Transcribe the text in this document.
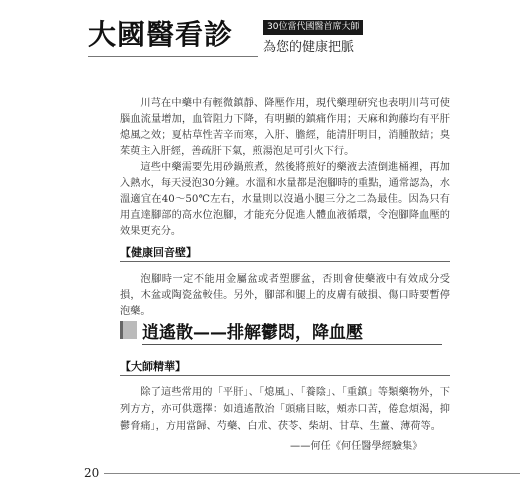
大國醫看診	30位當代國醫首席大師
為您的健康把脈

川芎在中藥中有輕微鎮靜、降壓作用，現代藥理研究也表明川芎可使腦血流量增加，血管阻力下降，有明顯的鎮痛作用；天麻和鉤藤均有平肝熄風之效；夏枯草性苦辛而寒，入肝、膽經，能清肝明目，消腫散結；臭茱萸主入肝經，善疏肝下氣，煎湯泡足可引火下行。

這些中藥需要先用砂鍋煎煮，然後將煎好的藥液去渣倒進桶裡，再加入熱水，每天浸泡30分鐘。水溫和水量都是泡腳時的重點，通常認為，水溫適宜在40～50℃左右，水量則以沒過小腿三分之二為最佳。因為只有用直達腳部的高水位泡腳，才能充分促進人體血液循環，令泡腳降血壓的效果更充分。

【健康回音壁】

泡腳時一定不能用金屬盆或者塑膠盆，否則會使藥液中有效成分受損，木盆或陶瓷盆較佳。另外，腳部和腿上的皮膚有破損、傷口時要暫停泡藥。

逍遙散——排解鬱悶，降血壓
【大師精華】

除了這些常用的「平肝」、「熄風」、「養陰」、「重鎮」等類藥物外，下列方方，亦可供選擇：如逍遙散治「頭痛目眩，頰赤口苦，倦怠煩渴，抑鬱脅痛」，方用當歸、芍藥、白朮、茯苓、柴胡、甘草、生薑、薄荷等。

——何任《何任醫學經驗集》
20
